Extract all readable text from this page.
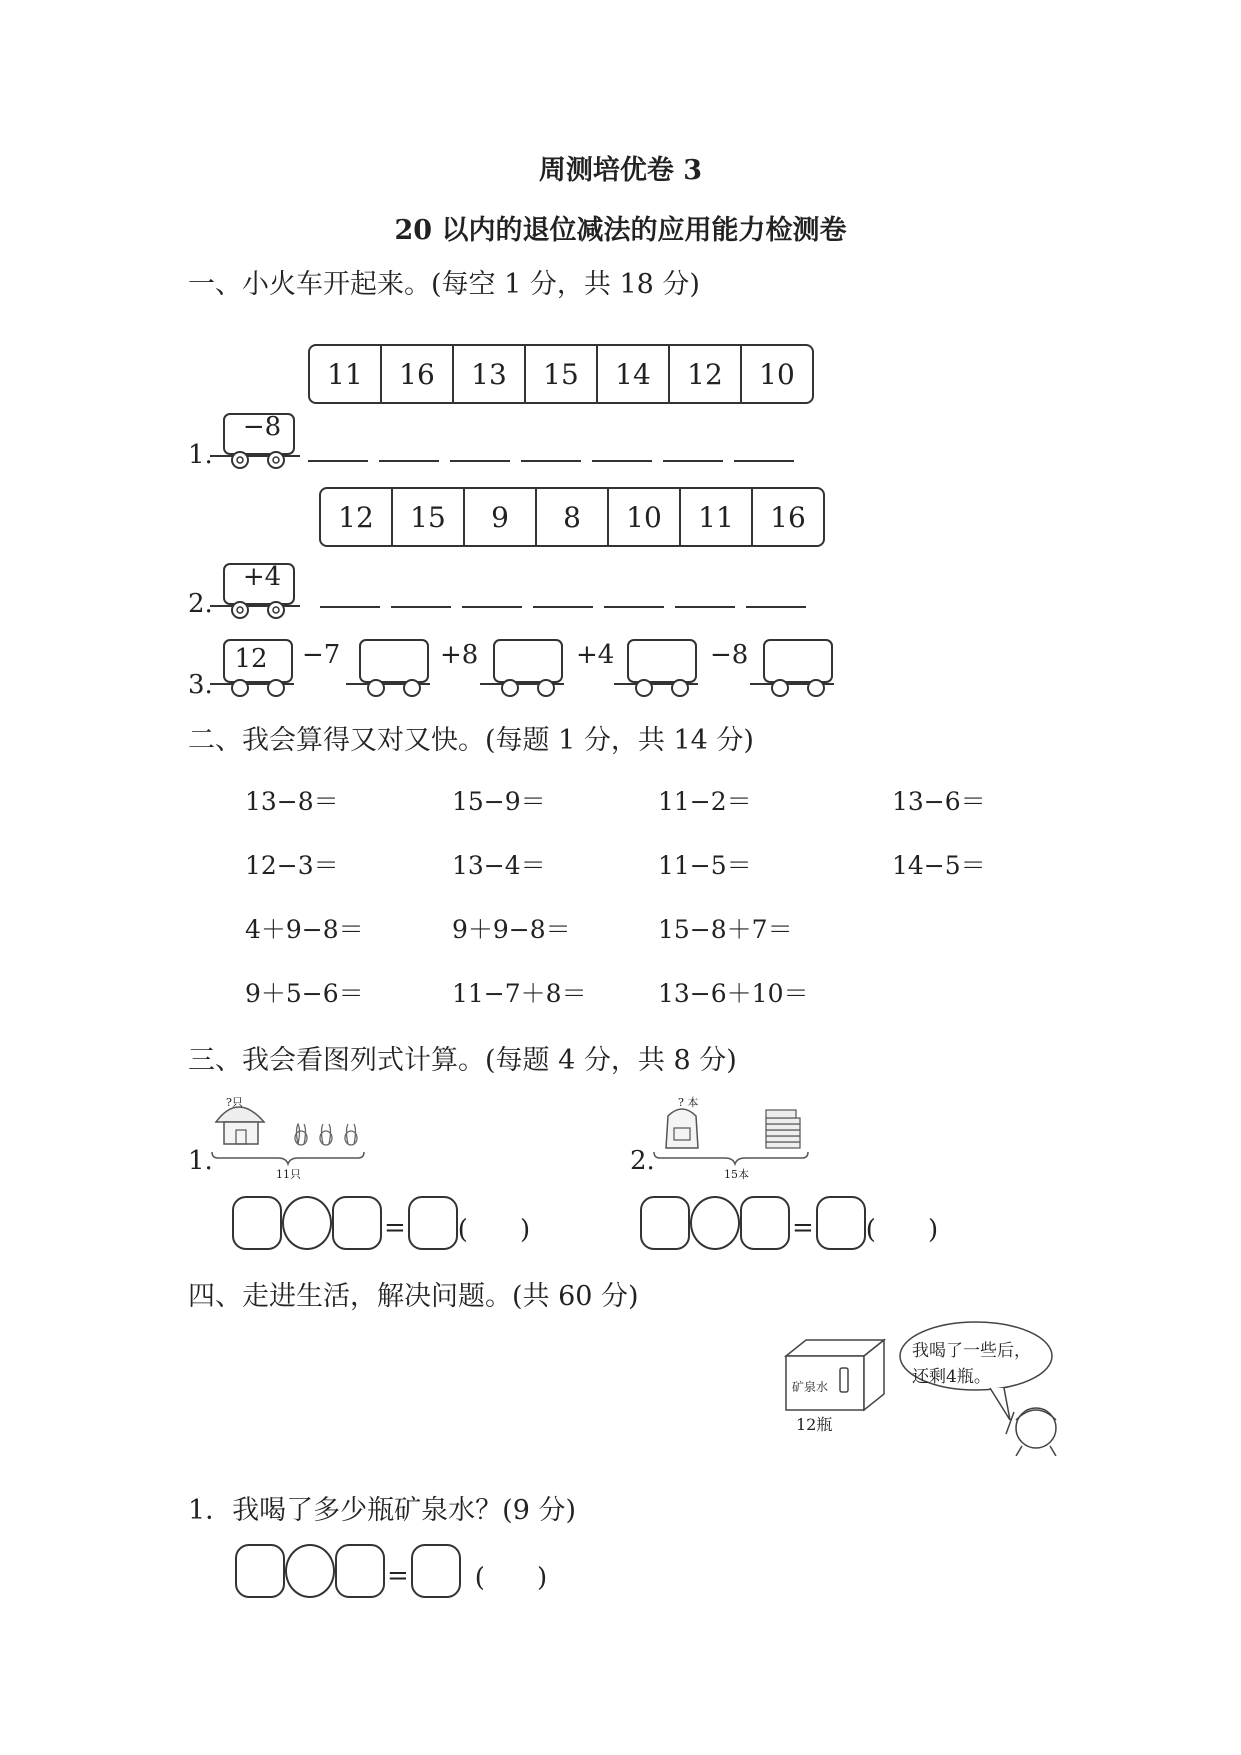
周测培优卷 3
20 以内的退位减法的应用能力检测卷
一、小火车开起来。(每空 1 分，共 18 分)
11	16	13	15	14	12	10
1.
−8
12	15	9	8	10	11	16
2.
+4
3.
12	−7	+8	+4	−8
二、我会算得又对又快。(每题 1 分，共 14 分)
13−8＝	15−9＝	11−2＝	13−6＝
12−3＝	13−4＝	11−5＝	14−5＝
4＋9−8＝	9＋9−8＝	15−8＋7＝
9＋5−6＝	11−7＋8＝	13−6＋10＝
三、我会看图列式计算。(每题 4 分，共 8 分)
1.
?只
11只
= ( )
2.
? 本
15本
= ( )
四、走进生活，解决问题。(共 60 分)
矿泉水
12瓶
我喝了一些后，
还剩4瓶。
1．我喝了多少瓶矿泉水？(9 分)
=	( )
